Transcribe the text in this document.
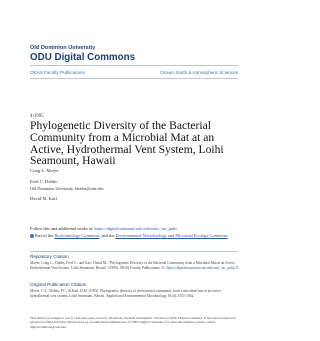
Old Dominion University
ODU Digital Commons
OEAS Faculty Publications	Ocean, Earth & Atmospheric Sciences
4-1995
Phylogenetic Diversity of the Bacterial Community from a Microbial Mat at an Active, Hydrothermal Vent System, Loihi Seamount, Hawaii
Craig L. Moyer
Fred C. Dobbs
Old Dominion University, fdobbs@odu.edu
David M. Karl
Follow this and additional works at: https://digitalcommons.odu.edu/oeas_fac_pubs
Part of the Biotechnology Commons, and the Environmental Microbiology and Microbial Ecology Commons
Repository Citation
Moyer, Craig L.; Dobbs, Fred C.; and Karl, David M., "Phylogenetic Diversity of the Bacterial Community from a Microbial Mat at an Active, Hydrothermal Vent System, Loihi Seamount, Hawaii" (1995). OEAS Faculty Publications. 11. https://digitalcommons.odu.edu/oeas_fac_pubs/11
Original Publication Citation
Moyer, C.L., Dobbs, F.C., & Karl, D.M. (1995). Phylogenetic diversity of the bacterial community from a microbial mat at an active, hydrothermal vent system, Loihi Seamount, Hawaii. Applied and Environmental Microbiology, 61(4), 1555-1562.
This Article is brought to you for free and open access by the Ocean, Earth & Atmospheric Sciences at ODU Digital Commons. It has been accepted for inclusion in OEAS Faculty Publications by an authorized administrator of ODU Digital Commons. For more information, please contact digitalcommons@odu.edu.
